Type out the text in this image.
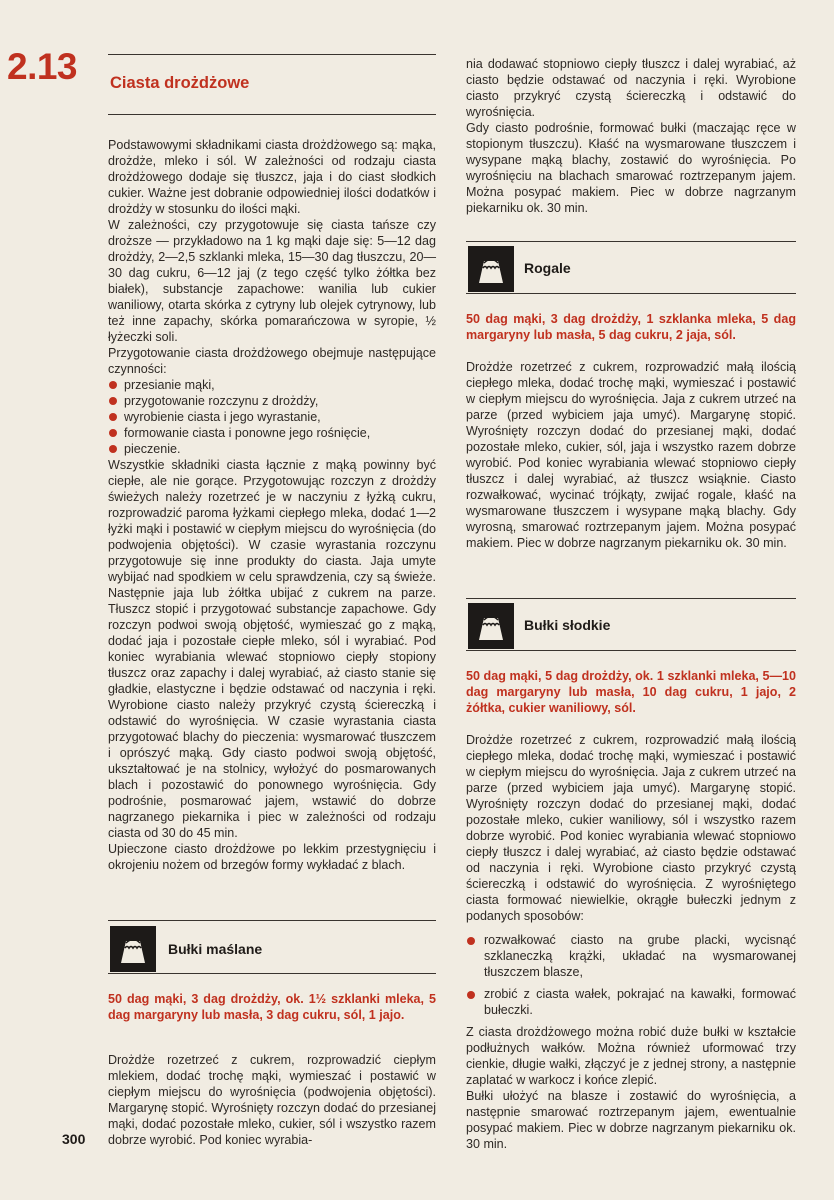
2.13 Ciasta drożdżowe

Podstawowymi składnikami ciasta drożdżowego są: mąka, drożdże, mleko i sól. W zależności od rodzaju ciasta drożdżowego dodaje się tłuszcz, jaja i do ciast słodkich cukier. Ważne jest dobranie odpowiedniej ilości dodatków i drożdży w stosunku do ilości mąki.

W zależności, czy przygotowuje się ciasta tańsze czy droższe — przykładowo na 1 kg mąki daje się: 5—12 dag drożdży, 2—2,5 szklanki mleka, 15—30 dag tłuszczu, 20—30 dag cukru, 6—12 jaj (z tego część tylko żółtka bez białek), substancje zapachowe: wanilia lub cukier waniliowy, otarta skórka z cytryny lub olejek cytrynowy, lub też inne zapachy, skórka pomarańczowa w syropie, ½ łyżeczki soli.

Przygotowanie ciasta drożdżowego obejmuje następujące czynności:

przesianie mąki,
przygotowanie rozczynu z drożdży,
wyrobienie ciasta i jego wyrastanie,
formowanie ciasta i ponowne jego rośnięcie,
pieczenie.

Wszystkie składniki ciasta łącznie z mąką powinny być ciepłe, ale nie gorące. Przygotowując rozczyn z drożdży świeżych należy rozetrzeć je w naczyniu z łyżką cukru, rozprowadzić paroma łyżkami ciepłego mleka, dodać 1—2 łyżki mąki i postawić w ciepłym miejscu do wyrośnięcia (do podwojenia objętości). W czasie wyrastania rozczynu przygotowuje się inne produkty do ciasta. Jaja umyte wybijać nad spodkiem w celu sprawdzenia, czy są świeże. Następnie jaja lub żółtka ubijać z cukrem na parze. Tłuszcz stopić i przygotować substancje zapachowe. Gdy rozczyn podwoi swoją objętość, wymieszać go z mąką, dodać jaja i pozostałe ciepłe mleko, sól i wyrabiać. Pod koniec wyrabiania wlewać stopniowo ciepły stopiony tłuszcz oraz zapachy i dalej wyrabiać, aż ciasto stanie się gładkie, elastyczne i będzie odstawać od naczynia i ręki. Wyrobione ciasto należy przykryć czystą ściereczką i odstawić do wyrośnięcia. W czasie wyrastania ciasta przygotować blachy do pieczenia: wysmarować tłuszczem i oprószyć mąką. Gdy ciasto podwoi swoją objętość, ukształtować je na stolnicy, wyłożyć do posmarowanych blach i pozostawić do ponownego wyrośnięcia. Gdy podrośnie, posmarować jajem, wstawić do dobrze nagrzanego piekarnika i piec w zależności od rodzaju ciasta od 30 do 45 min.

Upieczone ciasto drożdżowe po lekkim przestygnięciu i okrojeniu nożem od brzegów formy wykładać z blach.

Bułki maślane
50 dag mąki, 3 dag drożdży, ok. 1½ szklanki mleka, 5 dag margaryny lub masła, 3 dag cukru, sól, 1 jajo.

Drożdże rozetrzeć z cukrem, rozprowadzić ciepłym mlekiem, dodać trochę mąki, wymieszać i postawić w ciepłym miejscu do wyrośnięcia (podwojenia objętości). Margarynę stopić. Wyrośnięty rozczyn dodać do przesianej mąki, dodać pozostałe mleko, cukier, sól i wszystko razem dobrze wyrobić. Pod koniec wyrabia-

300

nia dodawać stopniowo ciepły tłuszcz i dalej wyrabiać, aż ciasto będzie odstawać od naczynia i ręki. Wyrobione ciasto przykryć czystą ściereczką i odstawić do wyrośnięcia.

Gdy ciasto podrośnie, formować bułki (maczając ręce w stopionym tłuszczu). Kłaść na wysmarowane tłuszczem i wysypane mąką blachy, zostawić do wyrośnięcia. Po wyrośnięciu na blachach smarować roztrzepanym jajem. Można posypać makiem. Piec w dobrze nagrzanym piekarniku ok. 30 min.

Rogale
50 dag mąki, 3 dag drożdży, 1 szklanka mleka, 5 dag margaryny lub masła, 5 dag cukru, 2 jaja, sól.

Drożdże rozetrzeć z cukrem, rozprowadzić małą ilością ciepłego mleka, dodać trochę mąki, wymieszać i postawić w ciepłym miejscu do wyrośnięcia. Jaja z cukrem utrzeć na parze (przed wybiciem jaja umyć). Margarynę stopić. Wyrośnięty rozczyn dodać do przesianej mąki, dodać pozostałe mleko, cukier, sól, jaja i wszystko razem dobrze wyrobić. Pod koniec wyrabiania wlewać stopniowo ciepły tłuszcz i dalej wyrabiać, aż tłuszcz wsiąknie. Ciasto rozwałkować, wycinać trójkąty, zwijać rogale, kłaść na wysmarowane tłuszczem i wysypane mąką blachy. Gdy wyrosną, smarować roztrzepanym jajem. Można posypać makiem. Piec w dobrze nagrzanym piekarniku ok. 30 min.

Bułki słodkie
50 dag mąki, 5 dag drożdży, ok. 1 szklanki mleka, 5—10 dag margaryny lub masła, 10 dag cukru, 1 jajo, 2 żółtka, cukier waniliowy, sól.

Drożdże rozetrzeć z cukrem, rozprowadzić małą ilością ciepłego mleka, dodać trochę mąki, wymieszać i postawić w ciepłym miejscu do wyrośnięcia. Jaja z cukrem utrzeć na parze (przed wybiciem jaja umyć). Margarynę stopić. Wyrośnięty rozczyn dodać do przesianej mąki, dodać pozostałe mleko, cukier waniliowy, sól i wszystko razem dobrze wyrobić. Pod koniec wyrabiania wlewać stopniowo ciepły tłuszcz i dalej wyrabiać, aż ciasto będzie odstawać od naczynia i ręki. Wyrobione ciasto przykryć czystą ściereczką i odstawić do wyrośnięcia. Z wyrośniętego ciasta formować niewielkie, okrągłe bułeczki jednym z podanych sposobów:

rozwałkować ciasto na grube placki, wycisnąć szklaneczką krążki, układać na wysmarowanej tłuszczem blasze,
zrobić z ciasta wałek, pokrajać na kawałki, formować bułeczki.

Z ciasta drożdżowego można robić duże bułki w kształcie podłużnych wałków. Można również uformować trzy cienkie, długie wałki, złączyć je z jednej strony, a następnie zaplatać w warkocz i końce zlepić.

Bułki ułożyć na blasze i zostawić do wyrośnięcia, a następnie smarować roztrzepanym jajem, ewentualnie posypać makiem. Piec w dobrze nagrzanym piekarniku ok. 30 min.
